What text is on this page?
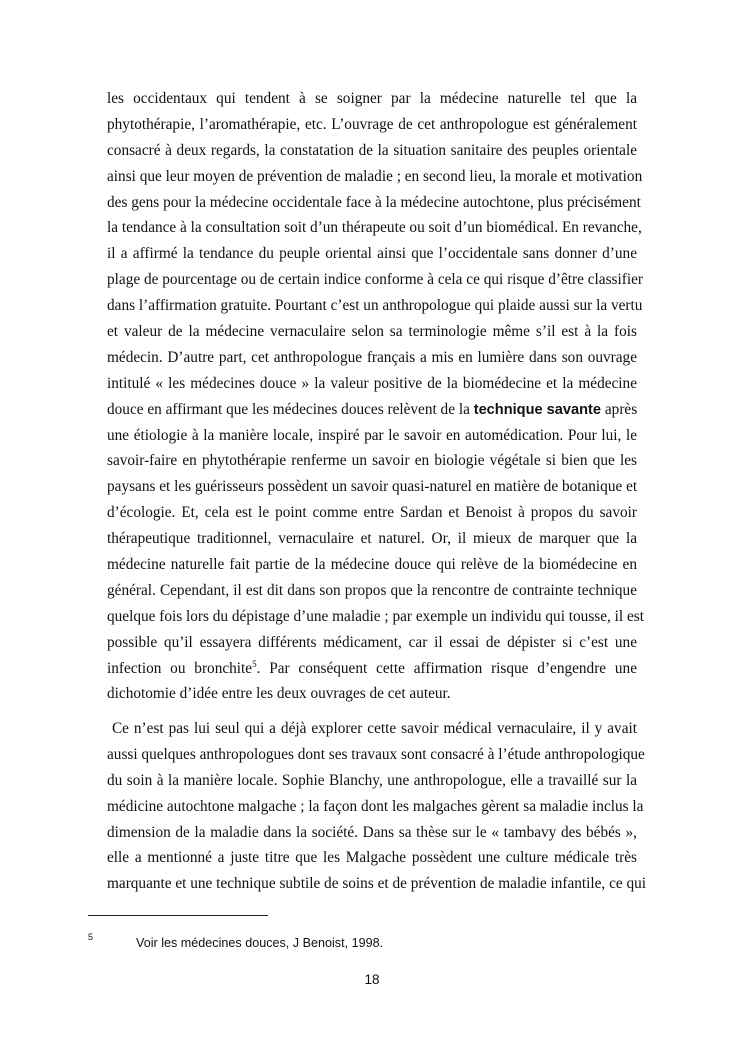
les occidentaux qui tendent à se soigner par la médecine naturelle tel que la
phytothérapie, l’aromathérapie, etc. L’ouvrage de cet anthropologue est généralement
consacré à deux regards, la constatation de la situation sanitaire des peuples orientale
ainsi que leur moyen de prévention de maladie ; en second lieu, la morale et motivation
des gens pour la médecine occidentale face à la médecine autochtone, plus précisément
la tendance à la consultation soit d’un thérapeute ou soit d’un biomédical. En revanche,
il a affirmé la tendance du peuple oriental ainsi que l’occidentale sans donner d’une
plage de pourcentage ou de certain indice conforme à cela ce qui risque d’être classifier
dans l’affirmation gratuite. Pourtant c’est un anthropologue qui plaide aussi sur la vertu
et valeur de la médecine vernaculaire selon sa terminologie même s’il est à la fois
médecin. D’autre part, cet anthropologue français a mis en lumière dans son ouvrage
intitulé « les médecines douce » la valeur positive de la biomédecine et la médecine
douce en affirmant que les médecines douces relèvent de la technique savante après
une étiologie à la manière locale, inspiré par le savoir en automédication. Pour lui, le
savoir-faire en phytothérapie renferme un savoir en biologie végétale si bien que les
paysans et les guérisseurs possèdent un savoir quasi-naturel en matière de botanique et
d’écologie. Et, cela est le point comme entre Sardan et Benoist à propos du savoir
thérapeutique traditionnel, vernaculaire et naturel. Or, il mieux de marquer que la
médecine naturelle fait partie de la médecine douce qui relève de la biomédecine en
général. Cependant, il est dit dans son propos que la rencontre de contrainte technique
quelque fois lors du dépistage d’une maladie ; par exemple un individu qui tousse, il est
possible qu’il essayera différents médicament, car il essai de dépister si c’est une
infection ou bronchite$^5$. Par conséquent cette affirmation risque d’engendre une
dichotomie d’idée entre les deux ouvrages de cet auteur.
Ce n’est pas lui seul qui a déjà explorer cette savoir médical vernaculaire, il y avait
aussi quelques anthropologues dont ses travaux sont consacré à l’étude anthropologique
du soin à la manière locale. Sophie Blanchy, une anthropologue, elle a travaillé sur la
médicine autochtone malgache ; la façon dont les malgaches gèrent sa maladie inclus la
dimension de la maladie dans la société. Dans sa thèse sur le « tambavy des bébés »,
elle a mentionné a juste titre que les Malgache possèdent une culture médicale très
marquante et une technique subtile de soins et de prévention de maladie infantile, ce qui
5	Voir les médecines douces, J Benoist, 1998.
18
